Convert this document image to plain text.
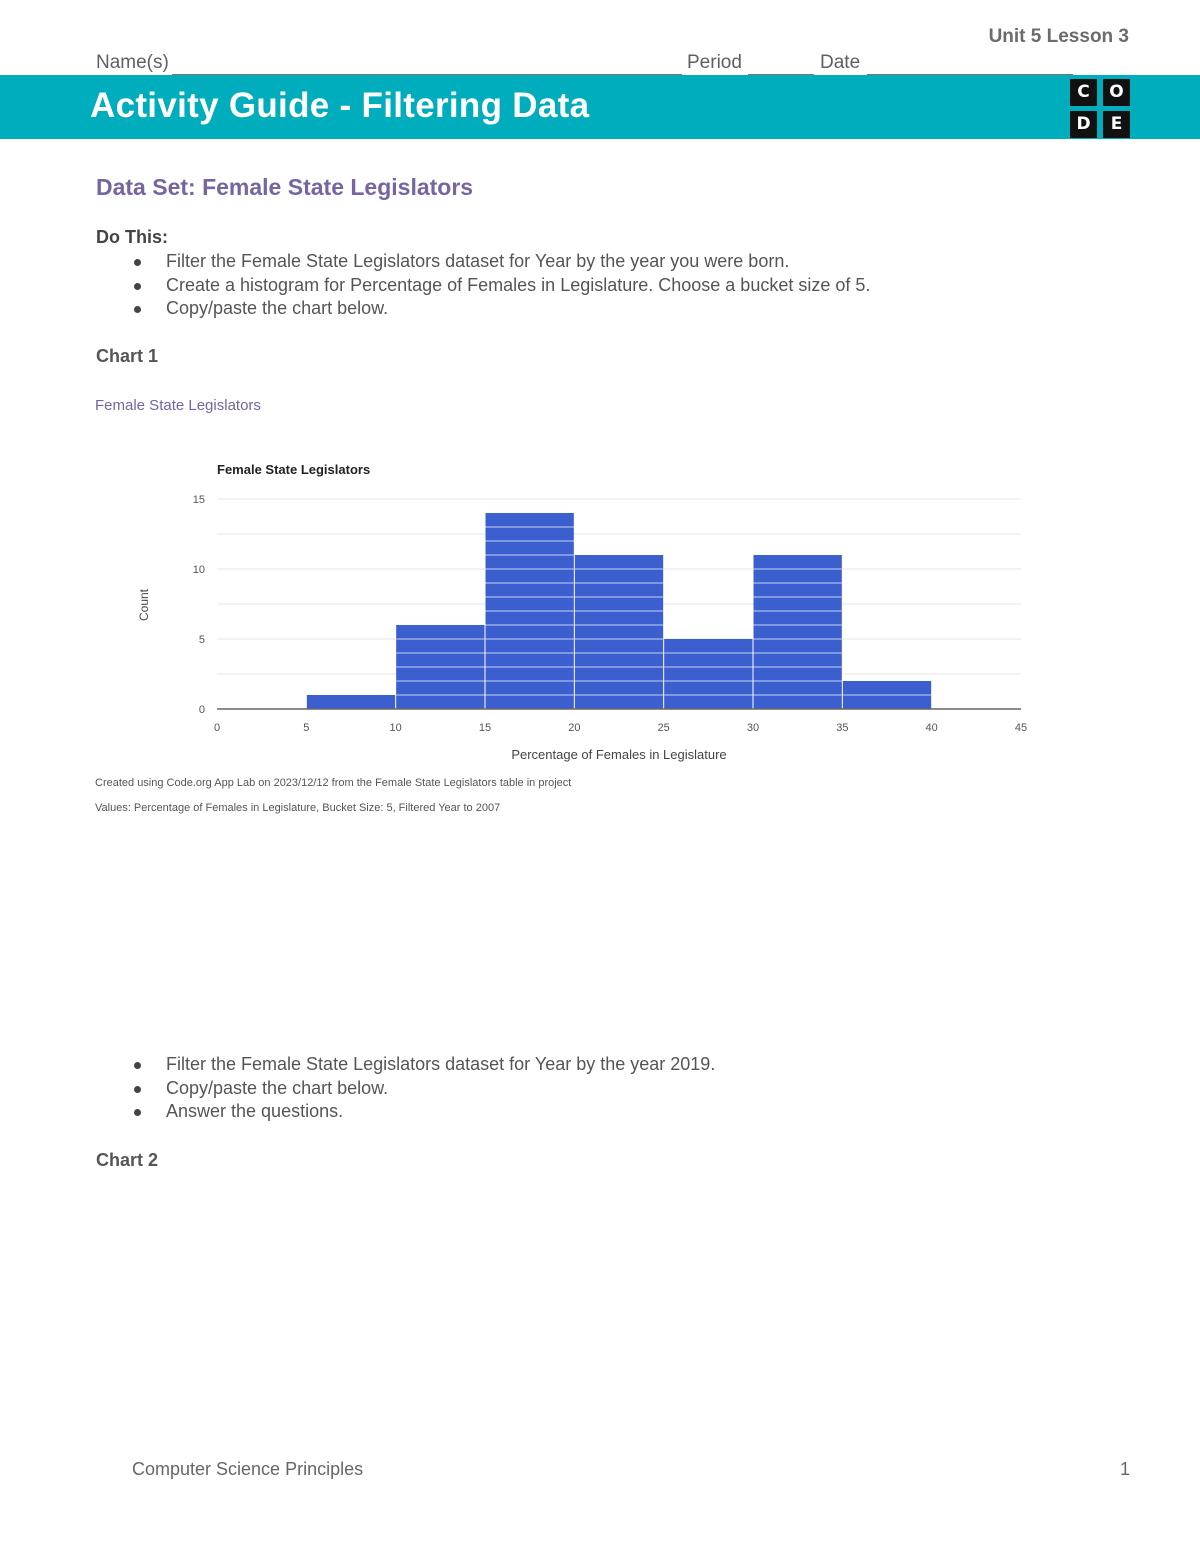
Unit 5 Lesson 3
Name(s)	Period	Date
Activity Guide - Filtering Data	C	O
D	E
Data Set: Female State Legislators
Do This:
Filter the Female State Legislators dataset for Year by the year you were born.
Create a histogram for Percentage of Females in Legislature. Choose a bucket size of 5.
Copy/paste the chart below.
Chart 1
Female State Legislators
Female State Legislators
0
5
10
15
0	5	10	15	20	25	30	35	40	45
Percentage of Females in Legislature
Count
Created using Code.org App Lab on 2023/12/12 from the Female State Legislators table in project
Values: Percentage of Females in Legislature, Bucket Size: 5, Filtered Year to 2007
Filter the Female State Legislators dataset for Year by the year 2019.
Copy/paste the chart below.
Answer the questions.
Chart 2
Computer Science Principles	1
